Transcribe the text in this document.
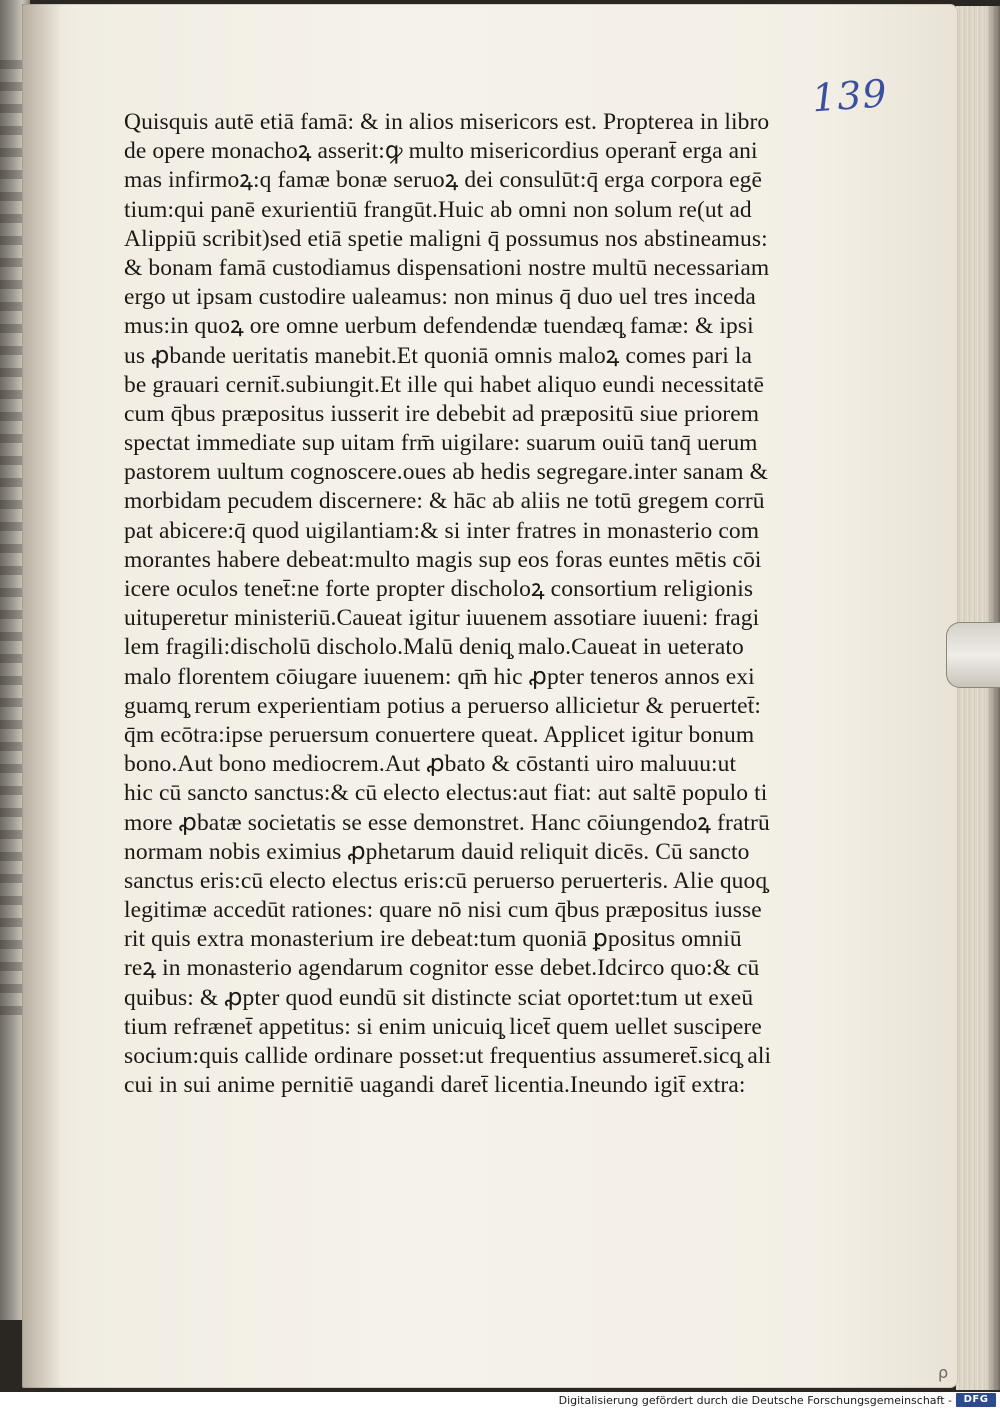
139
Quisquis autē etiā famā: & in alios misericors est. Propterea in libro
de opere monachoꝝ asserit:ꝙ multo misericordius operant̄ erga ani
mas infirmoꝝ:q famæ bonæ seruoꝝ dei consulūt:q̄ erga corpora egē
tium:qui panē exurientiū frangūt.Huic ab omni non solum re(ut ad
Alippiū scribit)sed etiā spetie maligni q̄ possumus nos abstineamus:
& bonam famā custodiamus dispensationi nostre multū necessariam
ergo ut ipsam custodire ualeamus: non minus q̄ duo uel tres inceda
mus:in quoꝝ ore omne uerbum defendendæ tuendæq̧ famæ: & ipsi
us ꝓbande ueritatis manebit.Et quoniā omnis maloꝝ comes pari la
be grauari cernit̄.subiungit.Et ille qui habet aliquo eundi necessitatē
cum q̄bus præpositus iusserit ire debebit ad præpositū siue priorem
spectat immediate sup uitam frm̄ uigilare: suarum ouiū tanq̄ uerum
pastorem uultum cognoscere.oues ab hedis segregare.inter sanam &
morbidam pecudem discernere: & hāc ab aliis ne totū gregem corrū
pat abicere:q̄ quod uigilantiam:& si inter fratres in monasterio com
morantes habere debeat:multo magis sup eos foras euntes mētis cōi
icere oculos tenet̄:ne forte propter discholoꝝ consortium religionis
uituperetur ministeriū.Caueat igitur iuuenem assotiare iuueni: fragi
lem fragili:discholū discholo.Malū deniq̧ malo.Caueat in ueterato
malo florentem cōiugare iuuenem: qm̄ hic ꝓpter teneros annos exi
guamq̧ rerum experientiam potius a peruerso allicietur & peruertet̄:
q̄m ecōtra:ipse peruersum conuertere queat. Applicet igitur bonum
bono.Aut bono mediocrem.Aut ꝓbato & cōstanti uiro maluuu:ut
hic cū sancto sanctus:& cū electo electus:aut fiat: aut saltē populo ti
more ꝓbatæ societatis se esse demonstret. Hanc cōiungendoꝝ fratrū
normam nobis eximius ꝓphetarum dauid reliquit dicēs. Cū sancto
sanctus eris:cū electo electus eris:cū peruerso peruerteris. Alie quoq̧
legitimæ accedūt rationes: quare nō nisi cum q̄bus præpositus iusse
rit quis extra monasterium ire debeat:tum quoniā ꝑpositus omniū
reꝝ in monasterio agendarum cognitor esse debet.Idcirco quo:& cū
quibus: & ꝓpter quod eundū sit distincte sciat oportet:tum ut exeū
tium refrænet̄ appetitus: si enim unicuiq̧ licet̄ quem uellet suscipere
socium:quis callide ordinare posset:ut frequentius assumeret̄.sicq̧ ali
cui in sui anime pernitiē uagandi daret̄ licentia.Ineundo igit̄ extra:
ρ
Digitalisierung gefördert durch die Deutsche Forschungsgemeinschaft -	DFG
